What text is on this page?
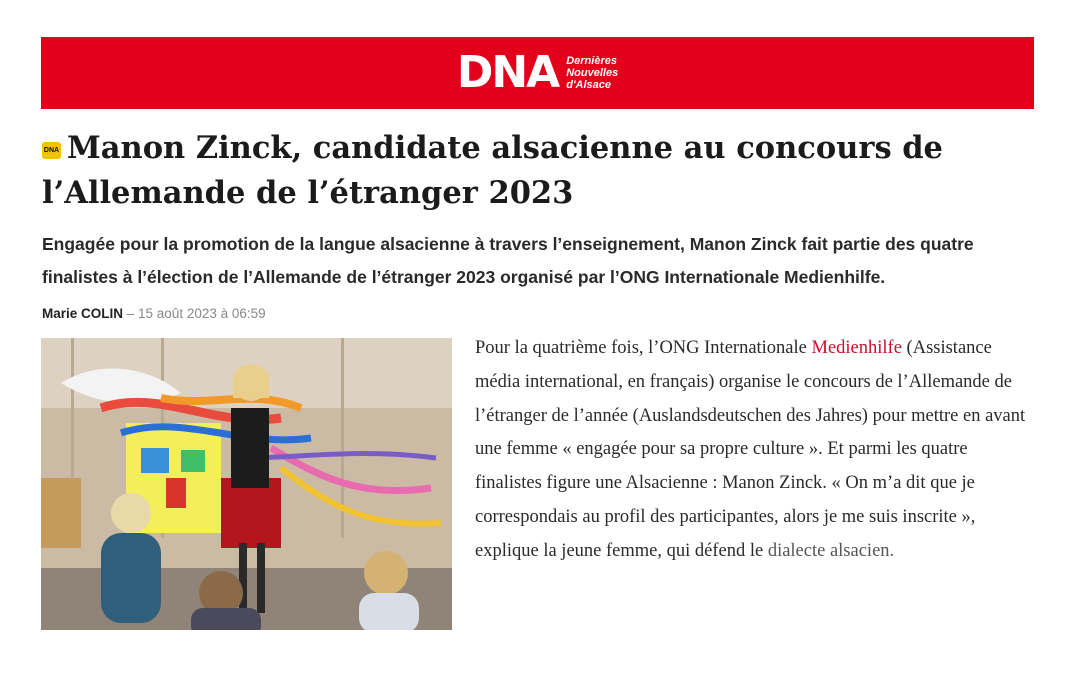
DNA Dernières
Nouvelles
d'Alsace
DNA Manon Zinck, candidate alsacienne au concours de l’Allemande de l’étranger 2023

Engagée pour la promotion de la langue alsacienne à travers l’enseignement, Manon Zinck fait partie des quatre finalistes à l’élection de l’Allemande de l’étranger 2023 organisé par l’ONG Internationale Medienhilfe.

Marie COLIN – 15 août 2023 à 06:59

Pour la quatrième fois, l’ONG Internationale Medienhilfe (Assistance média international, en français) organise le concours de l’Allemande de l’étranger de l’année (Auslandsdeutschen des Jahres) pour mettre en avant une femme « engagée pour sa propre culture ». Et parmi les quatre finalistes figure une Alsacienne : Manon Zinck. « On m’a dit que je correspondais au profil des participantes, alors je me suis inscrite », explique la jeune femme, qui défend le dialecte alsacien.
